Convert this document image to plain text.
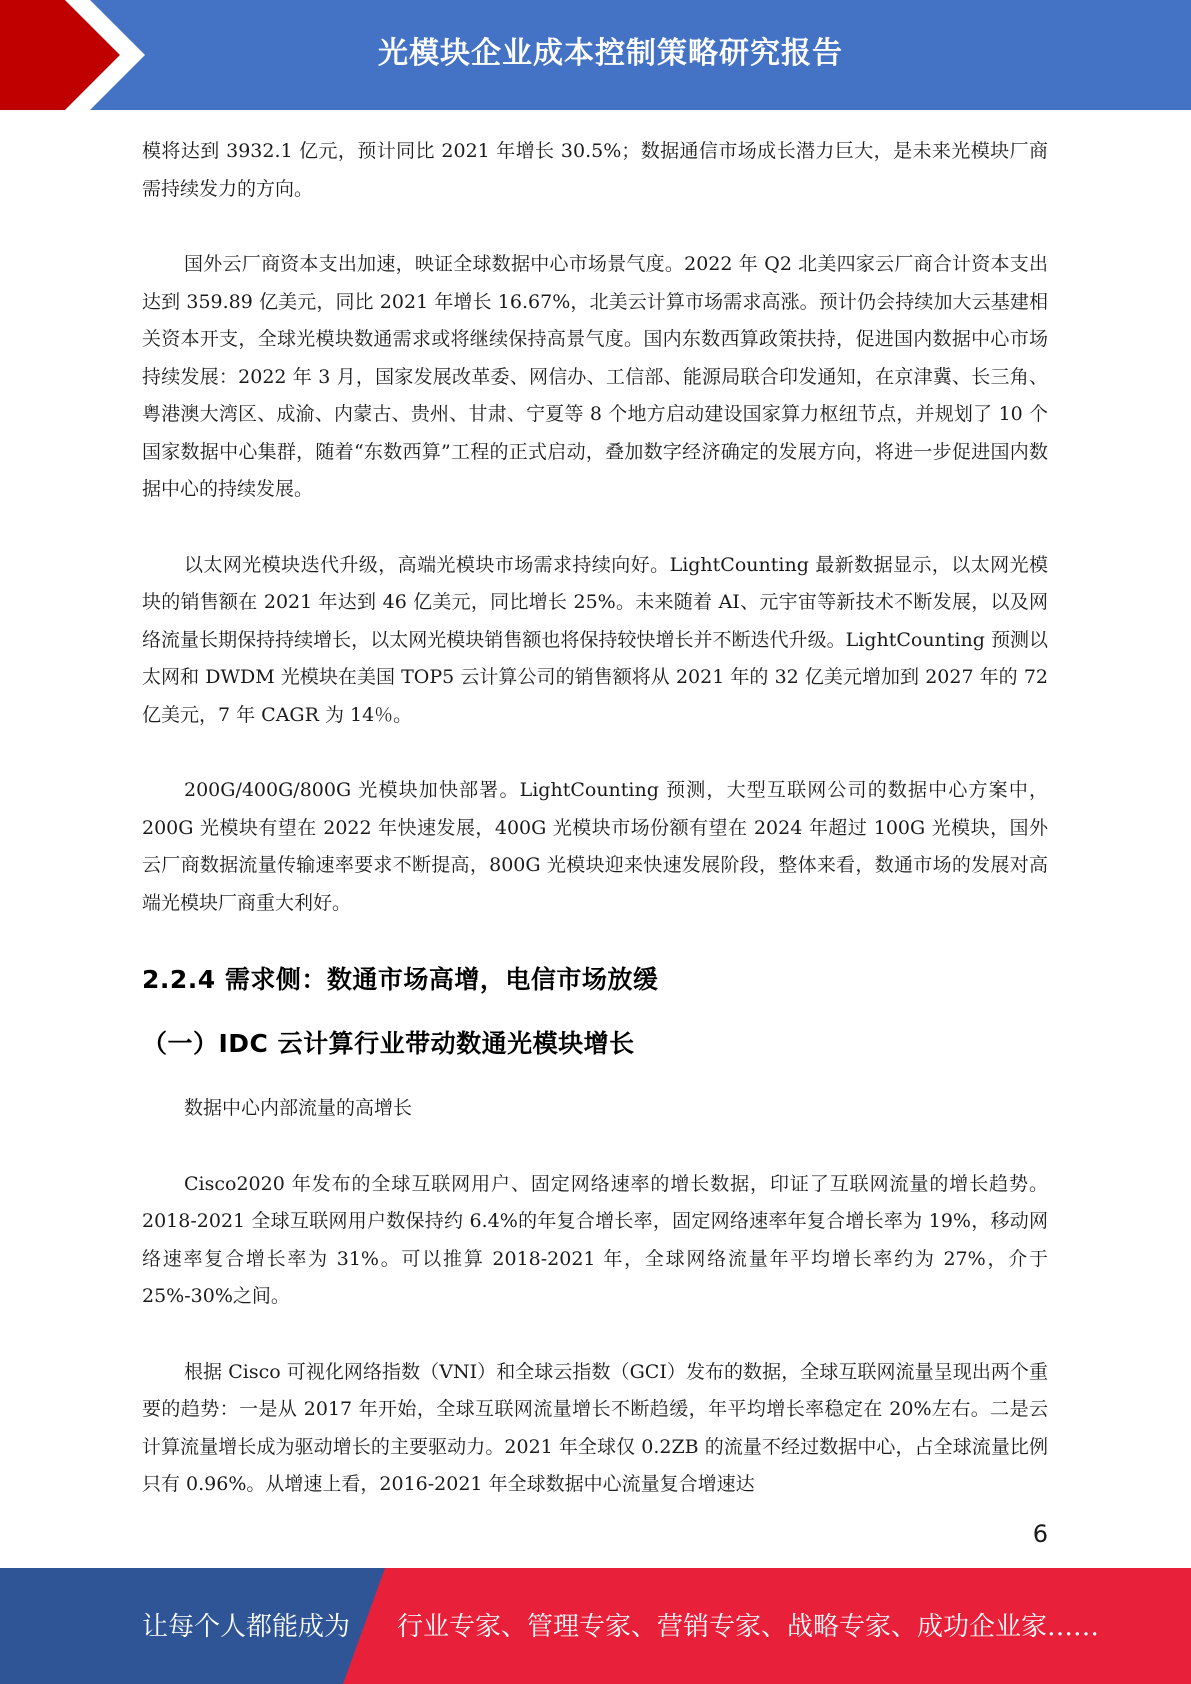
光模块企业成本控制策略研究报告

模将达到 3932.1 亿元，预计同比 2021 年增长 30.5%；数据通信市场成长潜力巨大，是未来光模块厂商需持续发力的方向。

国外云厂商资本支出加速，映证全球数据中心市场景气度。2022 年 Q2 北美四家云厂商合计资本支出达到 359.89 亿美元，同比 2021 年增长 16.67%，北美云计算市场需求高涨。预计仍会持续加大云基建相关资本开支，全球光模块数通需求或将继续保持高景气度。国内东数西算政策扶持，促进国内数据中心市场持续发展：2022 年 3 月，国家发展改革委、网信办、工信部、能源局联合印发通知，在京津冀、长三角、粤港澳大湾区、成渝、内蒙古、贵州、甘肃、宁夏等 8 个地方启动建设国家算力枢纽节点，并规划了 10 个国家数据中心集群，随着“东数西算”工程的正式启动，叠加数字经济确定的发展方向，将进一步促进国内数据中心的持续发展。

以太网光模块迭代升级，高端光模块市场需求持续向好。LightCounting 最新数据显示，以太网光模块的销售额在 2021 年达到 46 亿美元，同比增长 25%。未来随着 AI、元宇宙等新技术不断发展，以及网络流量长期保持持续增长，以太网光模块销售额也将保持较快增长并不断迭代升级。LightCounting 预测以太网和 DWDM 光模块在美国 TOP5 云计算公司的销售额将从 2021 年的 32 亿美元增加到 2027 年的 72 亿美元，7 年 CAGR 为 14％。

200G/400G/800G 光模块加快部署。LightCounting 预测，大型互联网公司的数据中心方案中，200G 光模块有望在 2022 年快速发展，400G 光模块市场份额有望在 2024 年超过 100G 光模块，国外云厂商数据流量传输速率要求不断提高，800G 光模块迎来快速发展阶段，整体来看，数通市场的发展对高端光模块厂商重大利好。

2.2.4 需求侧：数通市场高增，电信市场放缓
（一）IDC 云计算行业带动数通光模块增长

数据中心内部流量的高增长

Cisco2020 年发布的全球互联网用户、固定网络速率的增长数据，印证了互联网流量的增长趋势。2018-2021 全球互联网用户数保持约 6.4%的年复合增长率，固定网络速率年复合增长率为 19%，移动网络速率复合增长率为 31%。可以推算 2018-2021 年，全球网络流量年平均增长率约为 27%，介于 25%-30%之间。

根据 Cisco 可视化网络指数（VNI）和全球云指数（GCI）发布的数据，全球互联网流量呈现出两个重要的趋势：一是从 2017 年开始，全球互联网流量增长不断趋缓，年平均增长率稳定在 20%左右。二是云计算流量增长成为驱动增长的主要驱动力。2021 年全球仅 0.2ZB 的流量不经过数据中心，占全球流量比例只有 0.96%。从增速上看，2016-2021 年全球数据中心流量复合增速达

6
让每个人都能成为 行业专家、管理专家、营销专家、战略专家、成功企业家……
